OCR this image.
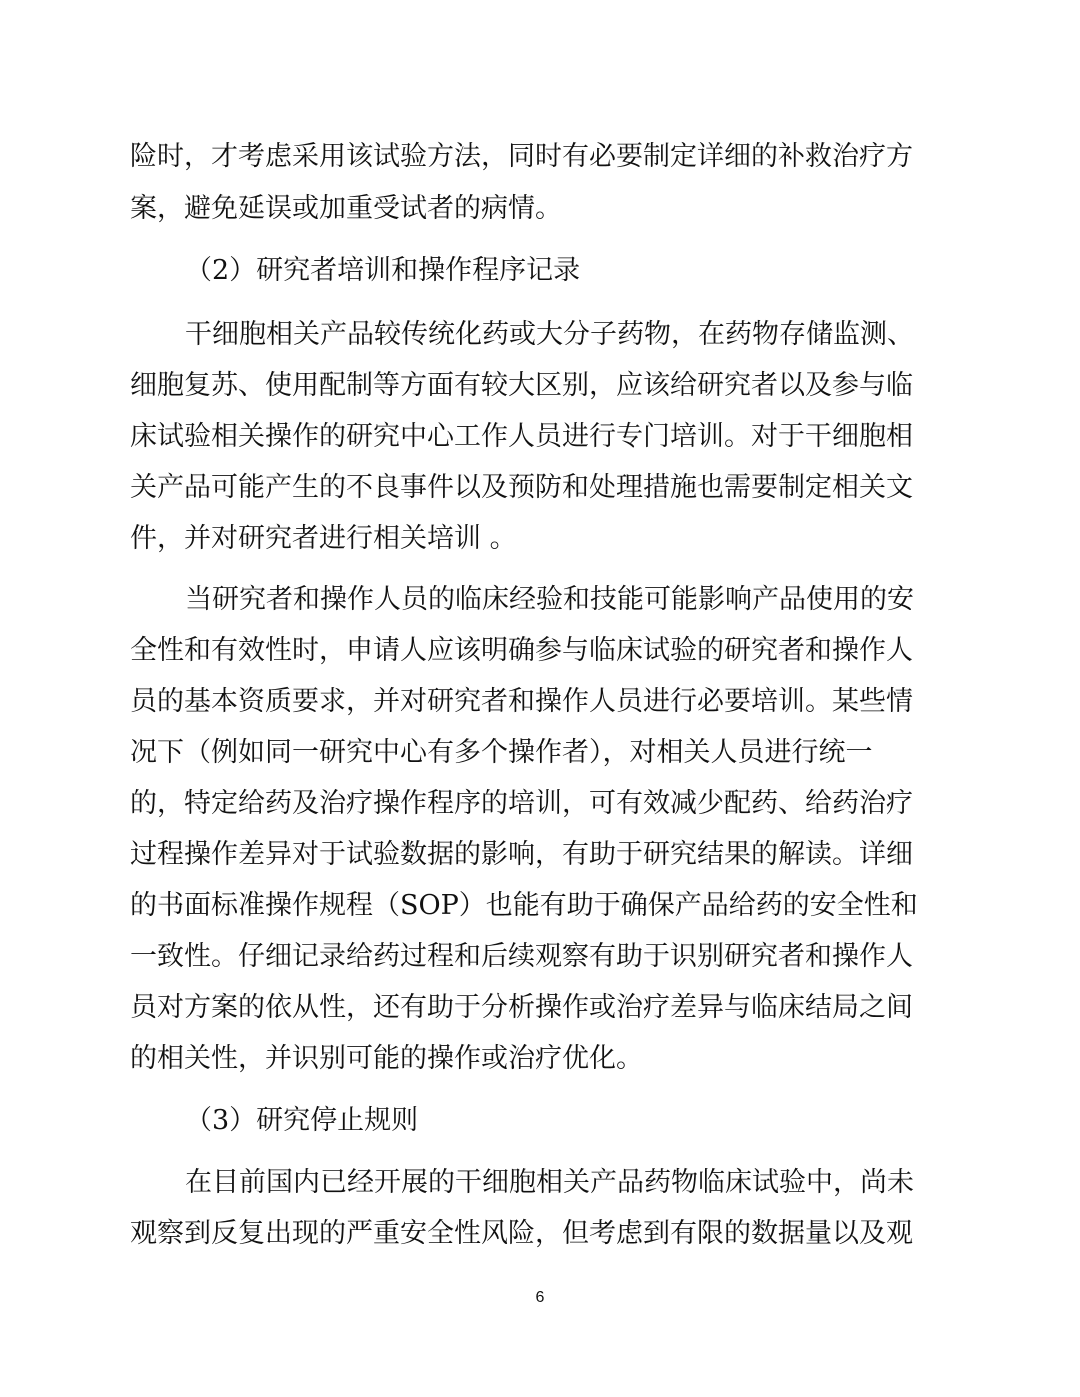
险时，才考虑采用该试验方法，同时有必要制定详细的补救治疗方
案，避免延误或加重受试者的病情。
（2）研究者培训和操作程序记录
干细胞相关产品较传统化药或大分子药物，在药物存储监测、
细胞复苏、使用配制等方面有较大区别，应该给研究者以及参与临
床试验相关操作的研究中心工作人员进行专门培训。对于干细胞相
关产品可能产生的不良事件以及预防和处理措施也需要制定相关文
件，并对研究者进行相关培训 。
当研究者和操作人员的临床经验和技能可能影响产品使用的安
全性和有效性时，申请人应该明确参与临床试验的研究者和操作人
员的基本资质要求，并对研究者和操作人员进行必要培训。某些情
况下（例如同一研究中心有多个操作者），对相关人员进行统一
的，特定给药及治疗操作程序的培训，可有效减少配药、给药治疗
过程操作差异对于试验数据的影响，有助于研究结果的解读。详细
的书面标准操作规程（SOP）也能有助于确保产品给药的安全性和
一致性。仔细记录给药过程和后续观察有助于识别研究者和操作人
员对方案的依从性，还有助于分析操作或治疗差异与临床结局之间
的相关性，并识别可能的操作或治疗优化。
（3）研究停止规则
在目前国内已经开展的干细胞相关产品药物临床试验中，尚未
观察到反复出现的严重安全性风险，但考虑到有限的数据量以及观
6
